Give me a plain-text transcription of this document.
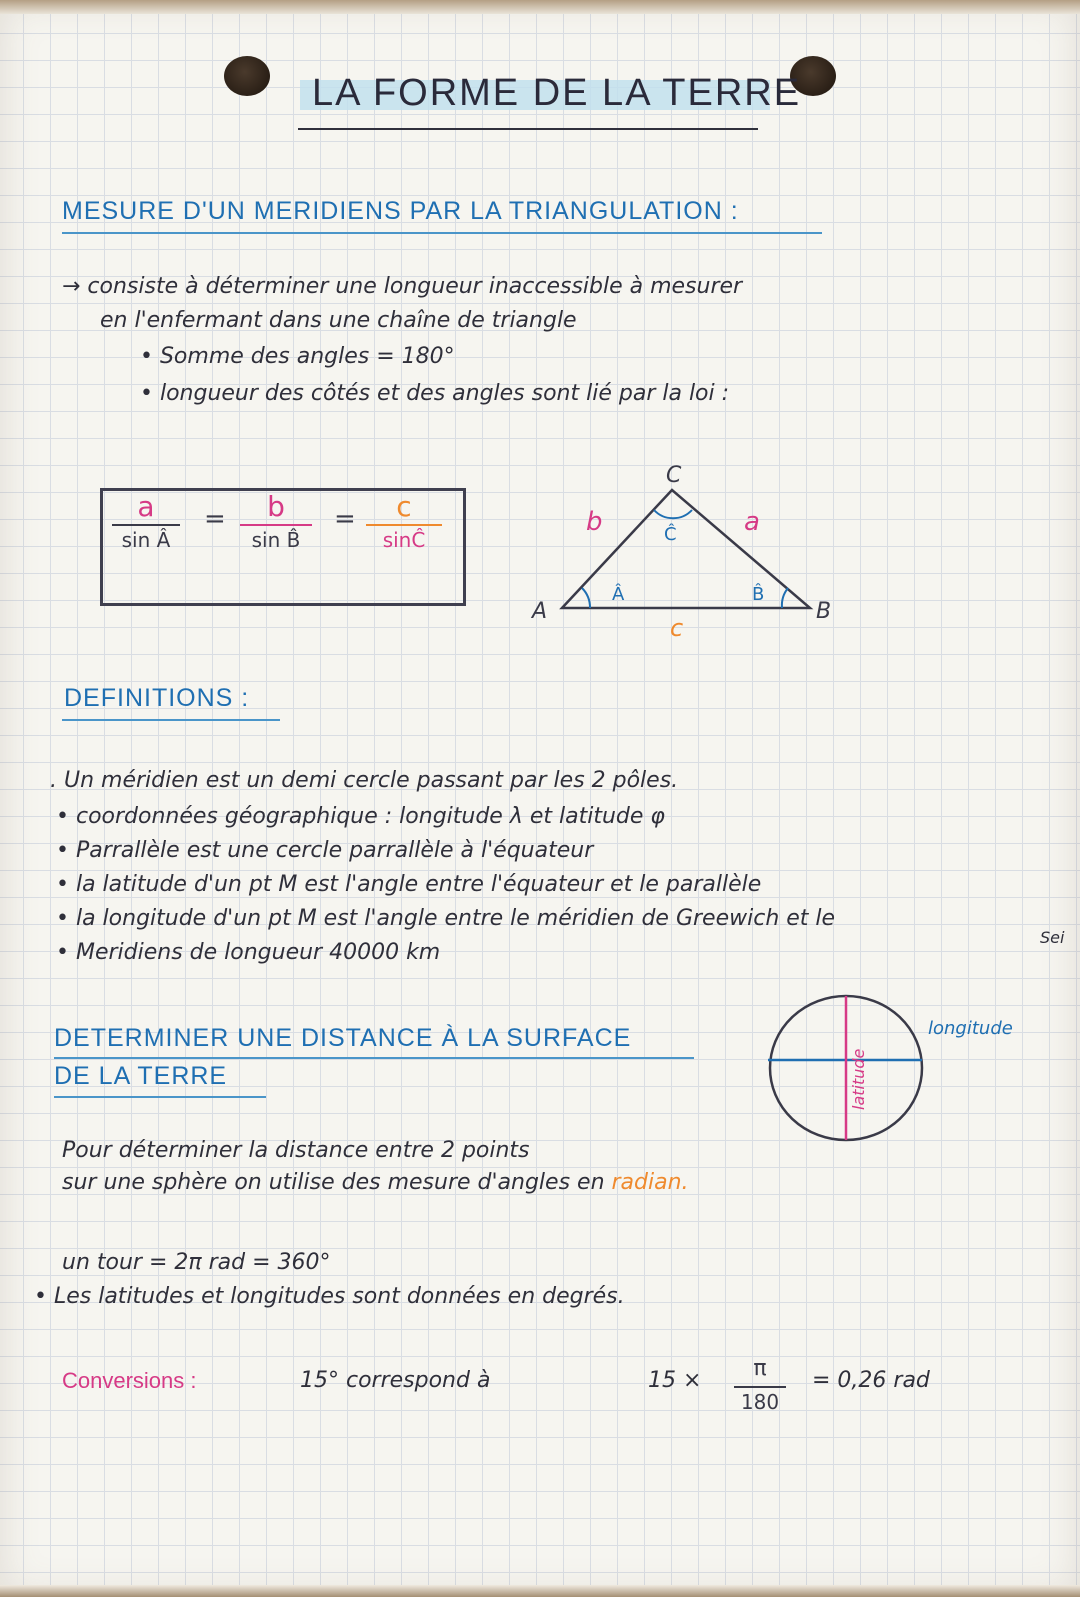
LA FORME DE LA TERRE
MESURE D'UN MERIDIENS PAR LA TRIANGULATION :
→ consiste à déterminer une longueur inaccessible à mesurer
en l'enfermant dans une chaîne de triangle
• Somme des angles = 180°
• longueur des côtés et des angles sont lié par la loi :
a
sin Â
=	b
sin B̂
=	c
sinĈ
A	B
C
b	a
c
Â
Ĉ
B̂
DEFINITIONS :
. Un méridien est un demi cercle passant par les 2 pôles.
• coordonnées géographique : longitude λ et latitude φ
• Parrallèle est une cercle parrallèle à l'équateur
• la latitude d'un pt M est l'angle entre l'équateur et le parallèle
• la longitude d'un pt M est l'angle entre le méridien de Greewich et le
• Meridiens de longueur 40000 km
Sei
DETERMINER UNE DISTANCE À LA SURFACE
DE LA TERRE	latitude
longitude
Pour déterminer la distance entre 2 points
sur une sphère on utilise des mesure d'angles en radian.
un tour = 2π rad = 360°
• Les latitudes et longitudes sont données en degrés.
Conversions :	15° correspond à	15 ×	π
180
= 0,26 rad
